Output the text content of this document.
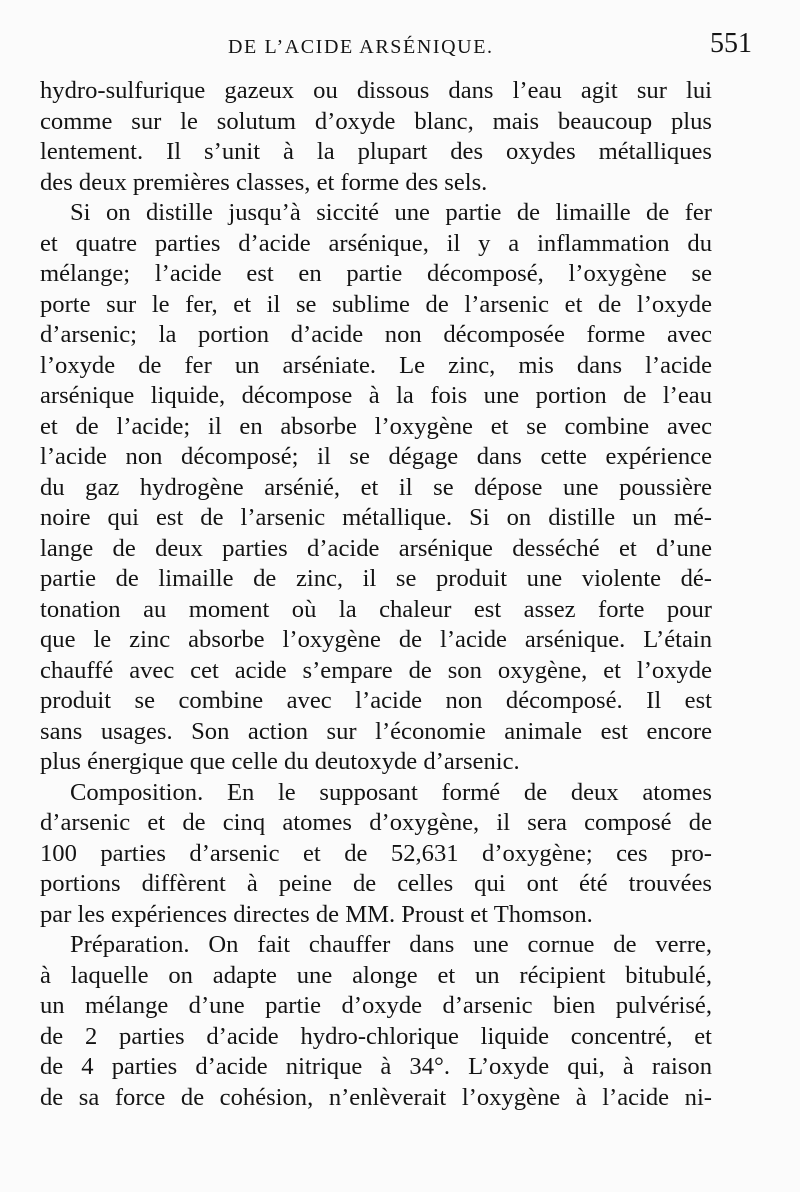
DE L’ACIDE ARSÉNIQUE.	551
hydro-sulfurique gazeux ou dissous dans l’eau agit sur lui
comme sur le solutum d’oxyde blanc, mais beaucoup plus
lentement. Il s’unit à la plupart des oxydes métalliques
des deux premières classes, et forme des sels.
Si on distille jusqu’à siccité une partie de limaille de fer
et quatre parties d’acide arsénique, il y a inflammation du
mélange; l’acide est en partie décomposé, l’oxygène se
porte sur le fer, et il se sublime de l’arsenic et de l’oxyde
d’arsenic; la portion d’acide non décomposée forme avec
l’oxyde de fer un arséniate. Le zinc, mis dans l’acide
arsénique liquide, décompose à la fois une portion de l’eau
et de l’acide; il en absorbe l’oxygène et se combine avec
l’acide non décomposé; il se dégage dans cette expérience
du gaz hydrogène arsénié, et il se dépose une poussière
noire qui est de l’arsenic métallique. Si on distille un mé-
lange de deux parties d’acide arsénique desséché et d’une
partie de limaille de zinc, il se produit une violente dé-
tonation au moment où la chaleur est assez forte pour
que le zinc absorbe l’oxygène de l’acide arsénique. L’étain
chauffé avec cet acide s’empare de son oxygène, et l’oxyde
produit se combine avec l’acide non décomposé. Il est
sans usages. Son action sur l’économie animale est encore
plus énergique que celle du deutoxyde d’arsenic.
Composition. En le supposant formé de deux atomes
d’arsenic et de cinq atomes d’oxygène, il sera composé de
100 parties d’arsenic et de 52,631 d’oxygène; ces pro-
portions diffèrent à peine de celles qui ont été trouvées
par les expériences directes de MM. Proust et Thomson.
Préparation. On fait chauffer dans une cornue de verre,
à laquelle on adapte une alonge et un récipient bitubulé,
un mélange d’une partie d’oxyde d’arsenic bien pulvérisé,
de 2 parties d’acide hydro-chlorique liquide concentré, et
de 4 parties d’acide nitrique à 34°. L’oxyde qui, à raison
de sa force de cohésion, n’enlèverait l’oxygène à l’acide ni-
